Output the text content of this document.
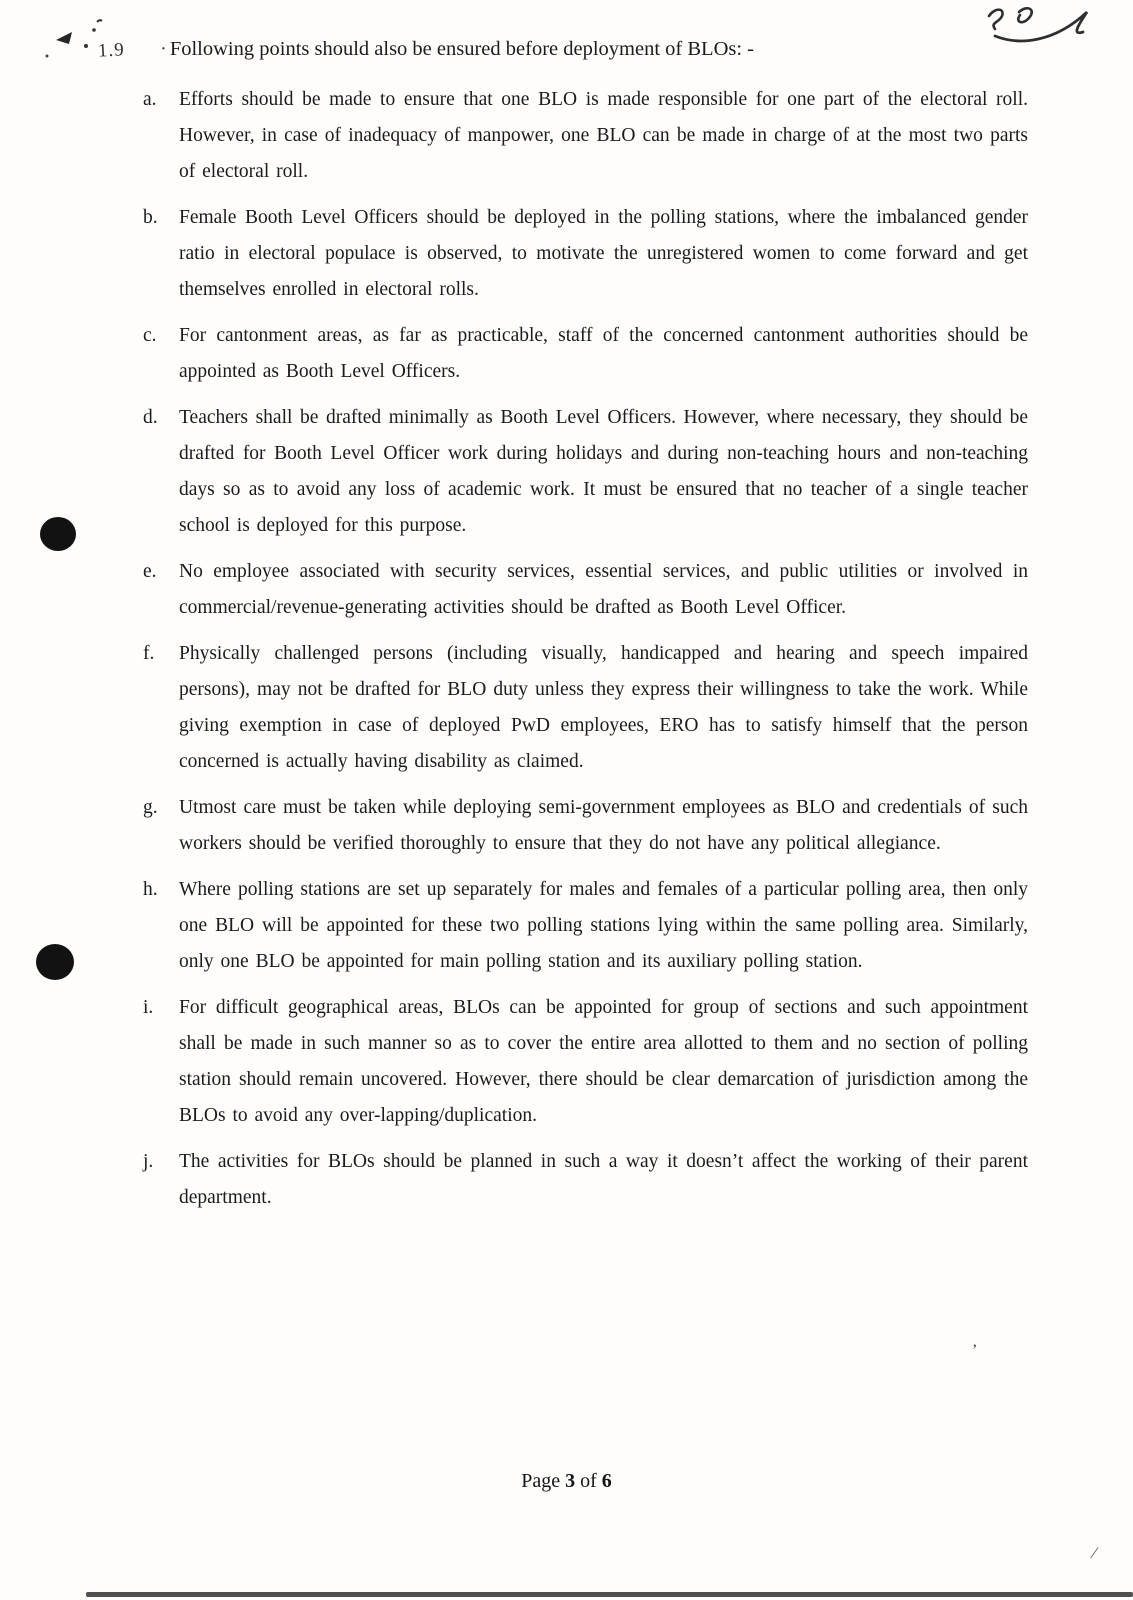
1.9	· Following points should also be ensured before deployment of BLOs: -
a.	Efforts should be made to ensure that one BLO is made responsible for one part of the electoral roll. However, in case of inadequacy of manpower, one BLO can be made in charge of at the most two parts of electoral roll.
b.	Female Booth Level Officers should be deployed in the polling stations, where the imbalanced gender ratio in electoral populace is observed, to motivate the unregistered women to come forward and get themselves enrolled in electoral rolls.
c.	For cantonment areas, as far as practicable, staff of the concerned cantonment authorities should be appointed as Booth Level Officers.
d.	Teachers shall be drafted minimally as Booth Level Officers. However, where necessary, they should be drafted for Booth Level Officer work during holidays and during non-teaching hours and non-teaching days so as to avoid any loss of academic work. It must be ensured that no teacher of a single teacher school is deployed for this purpose.
e.	No employee associated with security services, essential services, and public utilities or involved in commercial/revenue-generating activities should be drafted as Booth Level Officer.
f.	Physically challenged persons (including visually, handicapped and hearing and speech impaired persons), may not be drafted for BLO duty unless they express their willingness to take the work. While giving exemption in case of deployed PwD employees, ERO has to satisfy himself that the person concerned is actually having disability as claimed.
g.	Utmost care must be taken while deploying semi-government employees as BLO and credentials of such workers should be verified thoroughly to ensure that they do not have any political allegiance.
h.	Where polling stations are set up separately for males and females of a particular polling area, then only one BLO will be appointed for these two polling stations lying within the same polling area. Similarly, only one BLO be appointed for main polling station and its auxiliary polling station.
i.	For difficult geographical areas, BLOs can be appointed for group of sections and such appointment shall be made in such manner so as to cover the entire area allotted to them and no section of polling station should remain uncovered. However, there should be clear demarcation of jurisdiction among the BLOs to avoid any over-lapping/duplication.
j.	The activities for BLOs should be planned in such a way it doesn’t affect the working of their parent department.
’
⁄
Page 3 of 6
